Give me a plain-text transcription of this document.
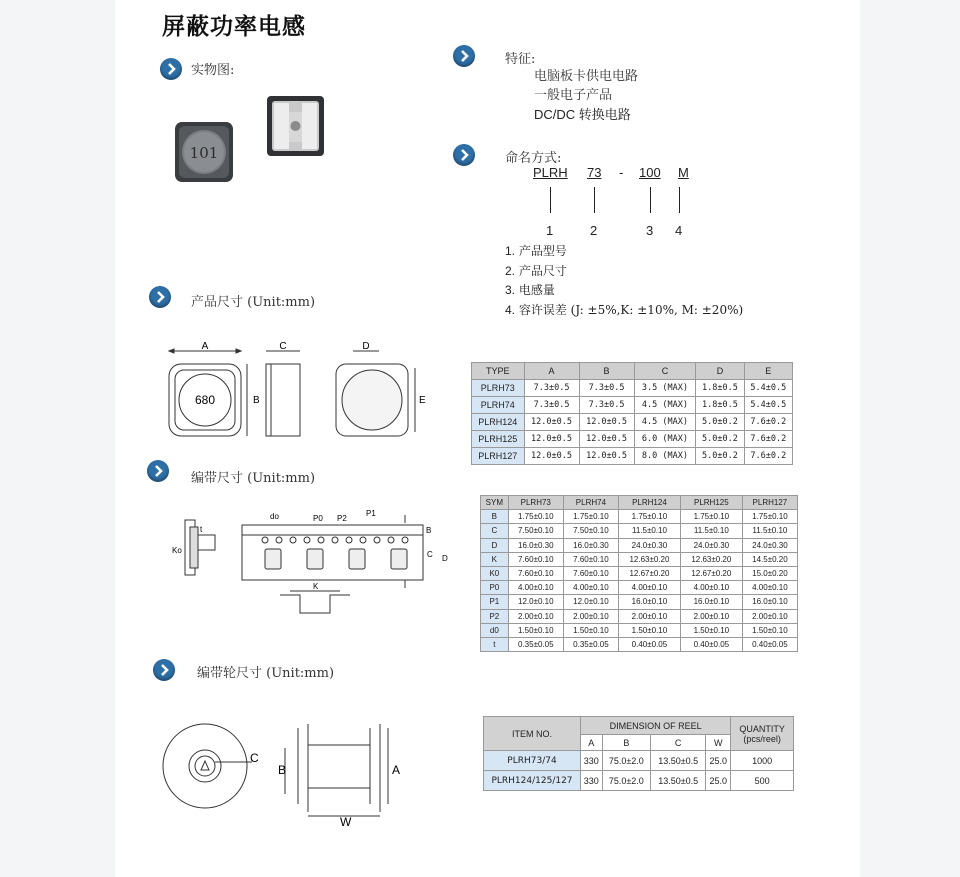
屏蔽功率电感
实物图:
特征:
电脑板卡供电电路
一般电子产品
DC/DC 转换电路
命名方式:
PLRH 73 - 100 M
1	2	3 4
1. 产品型号
2. 产品尺寸
3. 电感量
4. 容许误差 (J: ±5%,K: ±10%, M: ±20%)
101
产品尺寸 (Unit:mm)
A
680	B
C	D
E
TYPE	A	B	C	D	E
PLRH73	7.3±0.5	7.3±0.5	3.5 (MAX)	1.8±0.5	5.4±0.5
PLRH74	7.3±0.5	7.3±0.5	4.5 (MAX)	1.8±0.5	5.4±0.5
PLRH124	12.0±0.5	12.0±0.5	4.5 (MAX)	5.0±0.2	7.6±0.2
PLRH125	12.0±0.5	12.0±0.5	6.0 (MAX)	5.0±0.2	7.6±0.2
PLRH127	12.0±0.5	12.0±0.5	8.0 (MAX)	5.0±0.2	7.6±0.2
编带尺寸 (Unit:mm)
do	P0 P2
P1
t
Ko
B
C D
K
SYM	PLRH73	PLRH74	PLRH124	PLRH125	PLRH127
B	1.75±0.10	1.75±0.10	1.75±0.10	1.75±0.10	1.75±0.10
C	7.50±0.10	7.50±0.10	11.5±0.10	11.5±0.10	11.5±0.10
D	16.0±0.30	16.0±0.30	24.0±0.30	24.0±0.30	24.0±0.30
K	7.60±0.10	7.60±0.10	12.63±0.20	12.63±0.20	14.5±0.20
K0	7.60±0.10	7.60±0.10	12.67±0.20	12.67±0.20	15.0±0.20
P0	4.00±0.10	4.00±0.10	4.00±0.10	4.00±0.10	4.00±0.10
P1	12.0±0.10	12.0±0.10	16.0±0.10	16.0±0.10	16.0±0.10
P2	2.00±0.10	2.00±0.10	2.00±0.10	2.00±0.10	2.00±0.10
d0	1.50±0.10	1.50±0.10	1.50±0.10	1.50±0.10	1.50±0.10
t	0.35±0.05	0.35±0.05	0.40±0.05	0.40±0.05	0.40±0.05
编带轮尺寸 (Unit:mm)
C
B	A
W
ITEM NO.	DIMENSION OF REEL				QUANTITY
(pcs/reel)

	A	B	C	W	
PLRH73/74	330	75.0±2.0	13.50±0.5	25.0	1000
PLRH124/125/127	330	75.0±2.0	13.50±0.5	25.0	500
